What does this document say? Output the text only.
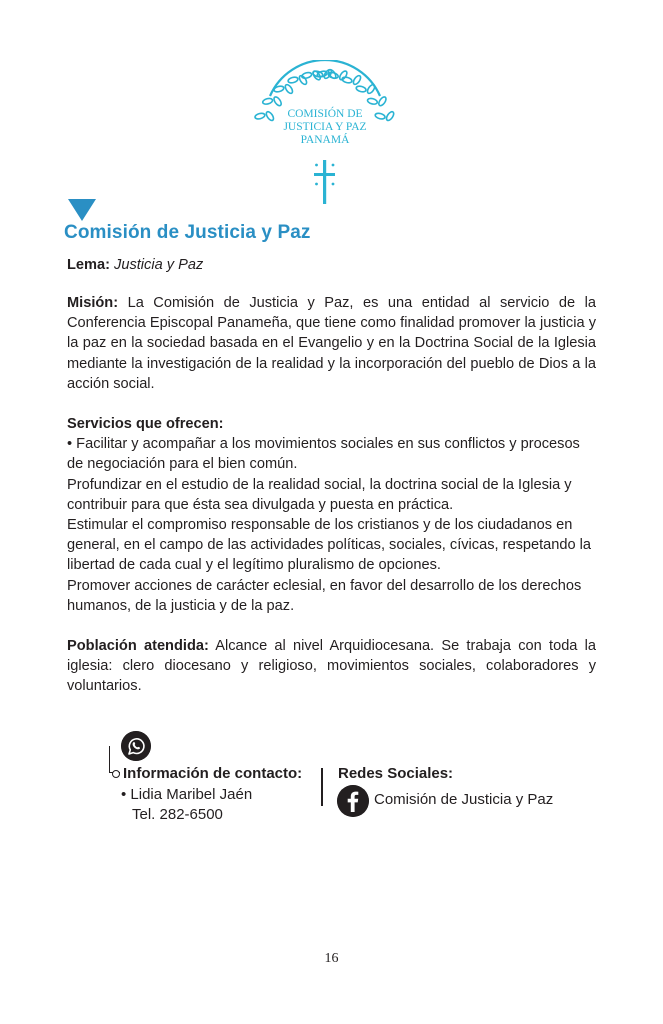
COMISIÓN DE
JUSTICIA Y PAZ
PANAMÁ
Comisión de Justicia y Paz
Lema: Justicia y Paz
Misión: La Comisión de Justicia y Paz, es una entidad al servicio de la Conferencia Episcopal Panameña, que tiene como finalidad promover la justicia y la paz en la sociedad basada en el Evangelio y en la Doctrina Social de la Iglesia mediante la investigación de la realidad y la incorporación del pueblo de Dios a la acción social.

Servicios que ofrecen:

• Facilitar y acompañar a los movimientos sociales en sus conflictos y procesos de negociación para el bien común.

Profundizar en el estudio de la realidad social, la doctrina social de la Iglesia y contribuir para que ésta sea divulgada y puesta en práctica.

Estimular el compromiso responsable de los cristianos y de los ciudadanos en general, en el campo de las actividades políticas, sociales, cívicas, respetando la libertad de cada cual y el legítimo pluralismo de opciones.

Promover acciones de carácter eclesial, en favor del desarrollo de los derechos humanos, de la justicia y de la paz.

Población atendida: Alcance al nivel Arquidiocesana. Se trabaja con toda la iglesia: clero diocesano y religioso, movimientos sociales, colaboradores y voluntarios.
Información de contacto:
• Lidia Maribel Jaén
Tel. 282-6500
Redes Sociales:
Comisión de Justicia y Paz
16
